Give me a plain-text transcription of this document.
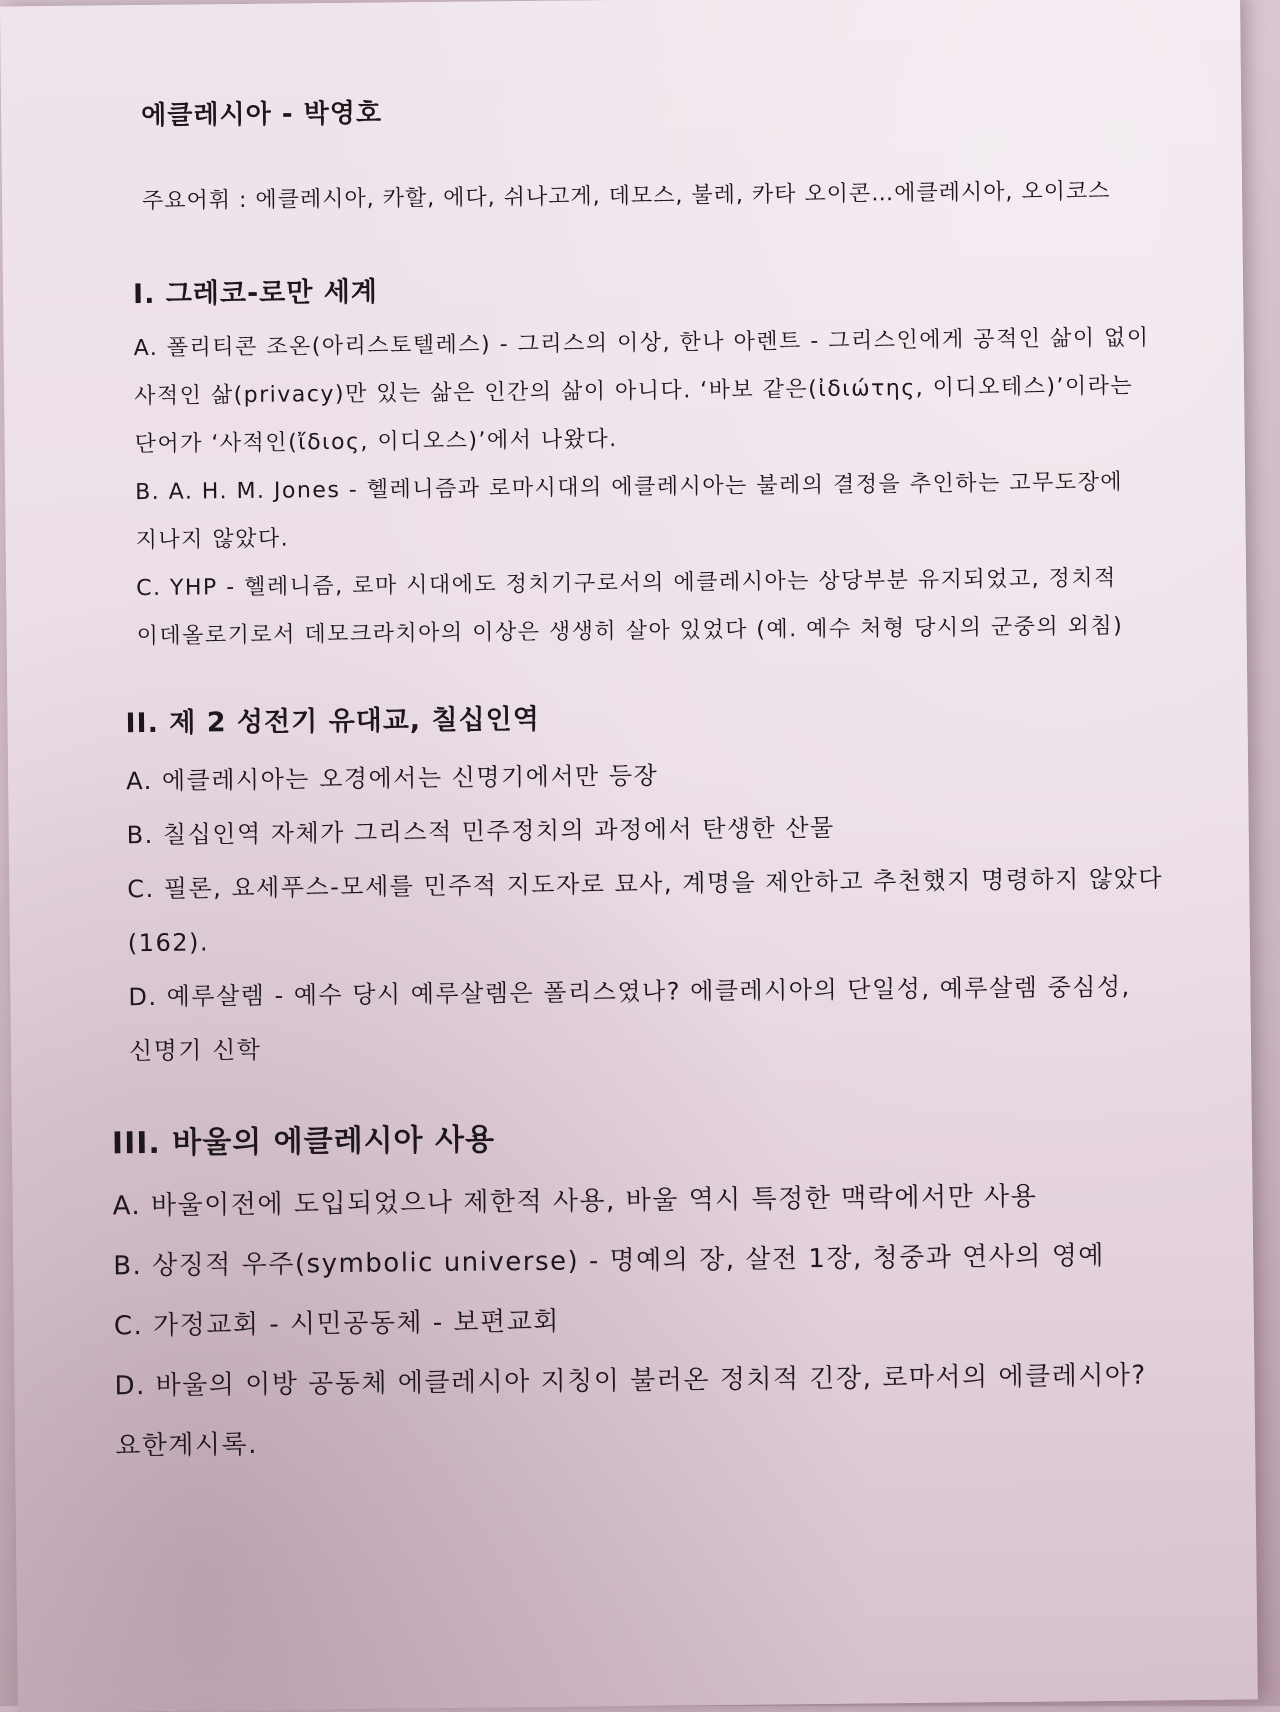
에클레시아 - 박영호

주요어휘 : 에클레시아, 카할, 에다, 쉬나고게, 데모스, 불레, 카타 오이콘…에클레시아, 오이코스

I. 그레코-로만 세계

A. 폴리티콘 조온(아리스토텔레스) - 그리스의 이상, 한나 아렌트 - 그리스인에게 공적인 삶이 없이 사적인 삶(privacy)만 있는 삶은 인간의 삶이 아니다. ‘바보 같은(ἰδιώτης, 이디오테스)’이라는 단어가 ‘사적인(ἴδιος, 이디오스)’에서 나왔다.

B. A. H. M. Jones - 헬레니즘과 로마시대의 에클레시아는 불레의 결정을 추인하는 고무도장에 지나지 않았다.

C. YHP - 헬레니즘, 로마 시대에도 정치기구로서의 에클레시아는 상당부분 유지되었고, 정치적 이데올로기로서 데모크라치아의 이상은 생생히 살아 있었다 (예. 예수 처형 당시의 군중의 외침)

II. 제 2 성전기 유대교, 칠십인역

A. 에클레시아는 오경에서는 신명기에서만 등장

B. 칠십인역 자체가 그리스적 민주정치의 과정에서 탄생한 산물

C. 필론, 요세푸스-모세를 민주적 지도자로 묘사, 계명을 제안하고 추천했지 명령하지 않았다(162).

D. 예루살렘 - 예수 당시 예루살렘은 폴리스였나? 에클레시아의 단일성, 예루살렘 중심성, 신명기 신학

III. 바울의 에클레시아 사용

A. 바울이전에 도입되었으나 제한적 사용, 바울 역시 특정한 맥락에서만 사용

B. 상징적 우주(symbolic universe) - 명예의 장, 살전 1장, 청중과 연사의 영예

C. 가정교회 - 시민공동체 - 보편교회

D. 바울의 이방 공동체 에클레시아 지칭이 불러온 정치적 긴장, 로마서의 에클레시아? 요한계시록.
